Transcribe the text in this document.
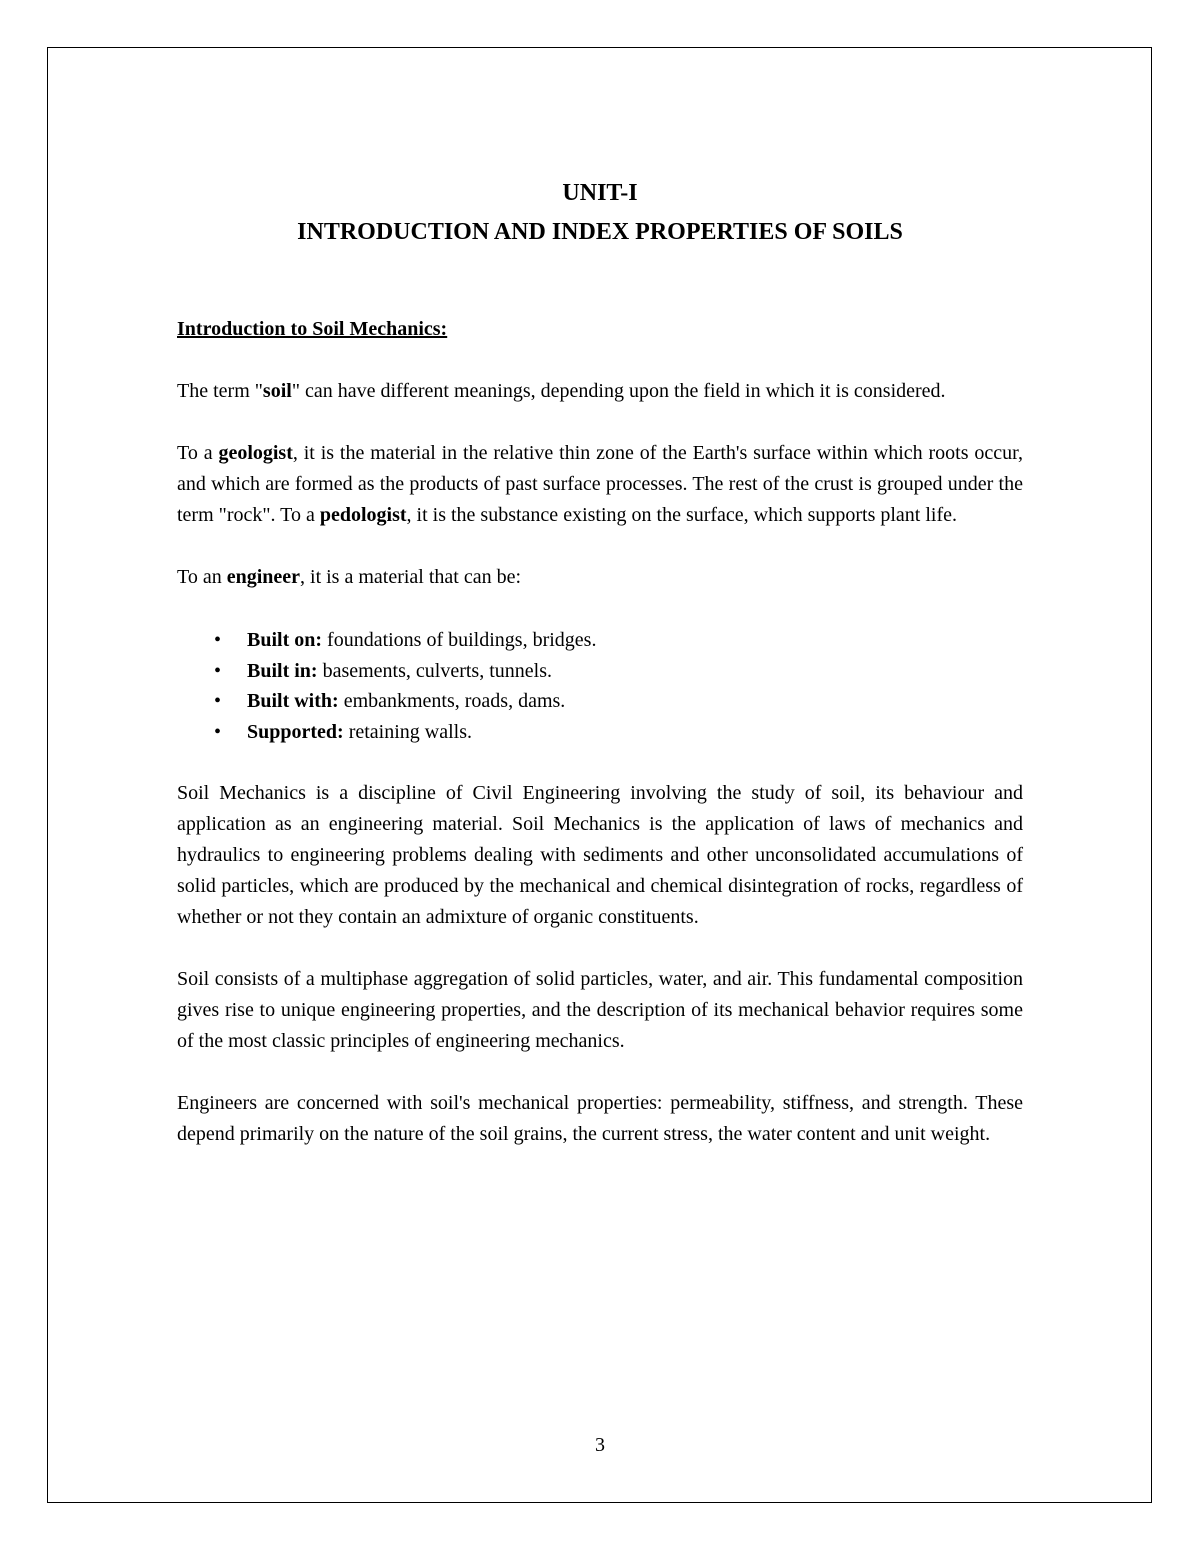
UNIT-I
INTRODUCTION AND INDEX PROPERTIES OF SOILS
Introduction to Soil Mechanics:

The term "soil" can have different meanings, depending upon the field in which it is considered.

To a geologist, it is the material in the relative thin zone of the Earth's surface within which roots occur, and which are formed as the products of past surface processes. The rest of the crust is grouped under the term "rock". To a pedologist, it is the substance existing on the surface, which supports plant life.

To an engineer, it is a material that can be:

• Built on: foundations of buildings, bridges.
• Built in: basements, culverts, tunnels.
• Built with: embankments, roads, dams.
• Supported: retaining walls.

Soil Mechanics is a discipline of Civil Engineering involving the study of soil, its behaviour and application as an engineering material. Soil Mechanics is the application of laws of mechanics and hydraulics to engineering problems dealing with sediments and other unconsolidated accumulations of solid particles, which are produced by the mechanical and chemical disintegration of rocks, regardless of whether or not they contain an admixture of organic constituents.

Soil consists of a multiphase aggregation of solid particles, water, and air. This fundamental composition gives rise to unique engineering properties, and the description of its mechanical behavior requires some of the most classic principles of engineering mechanics.

Engineers are concerned with soil's mechanical properties: permeability, stiffness, and strength. These depend primarily on the nature of the soil grains, the current stress, the water content and unit weight.

3
